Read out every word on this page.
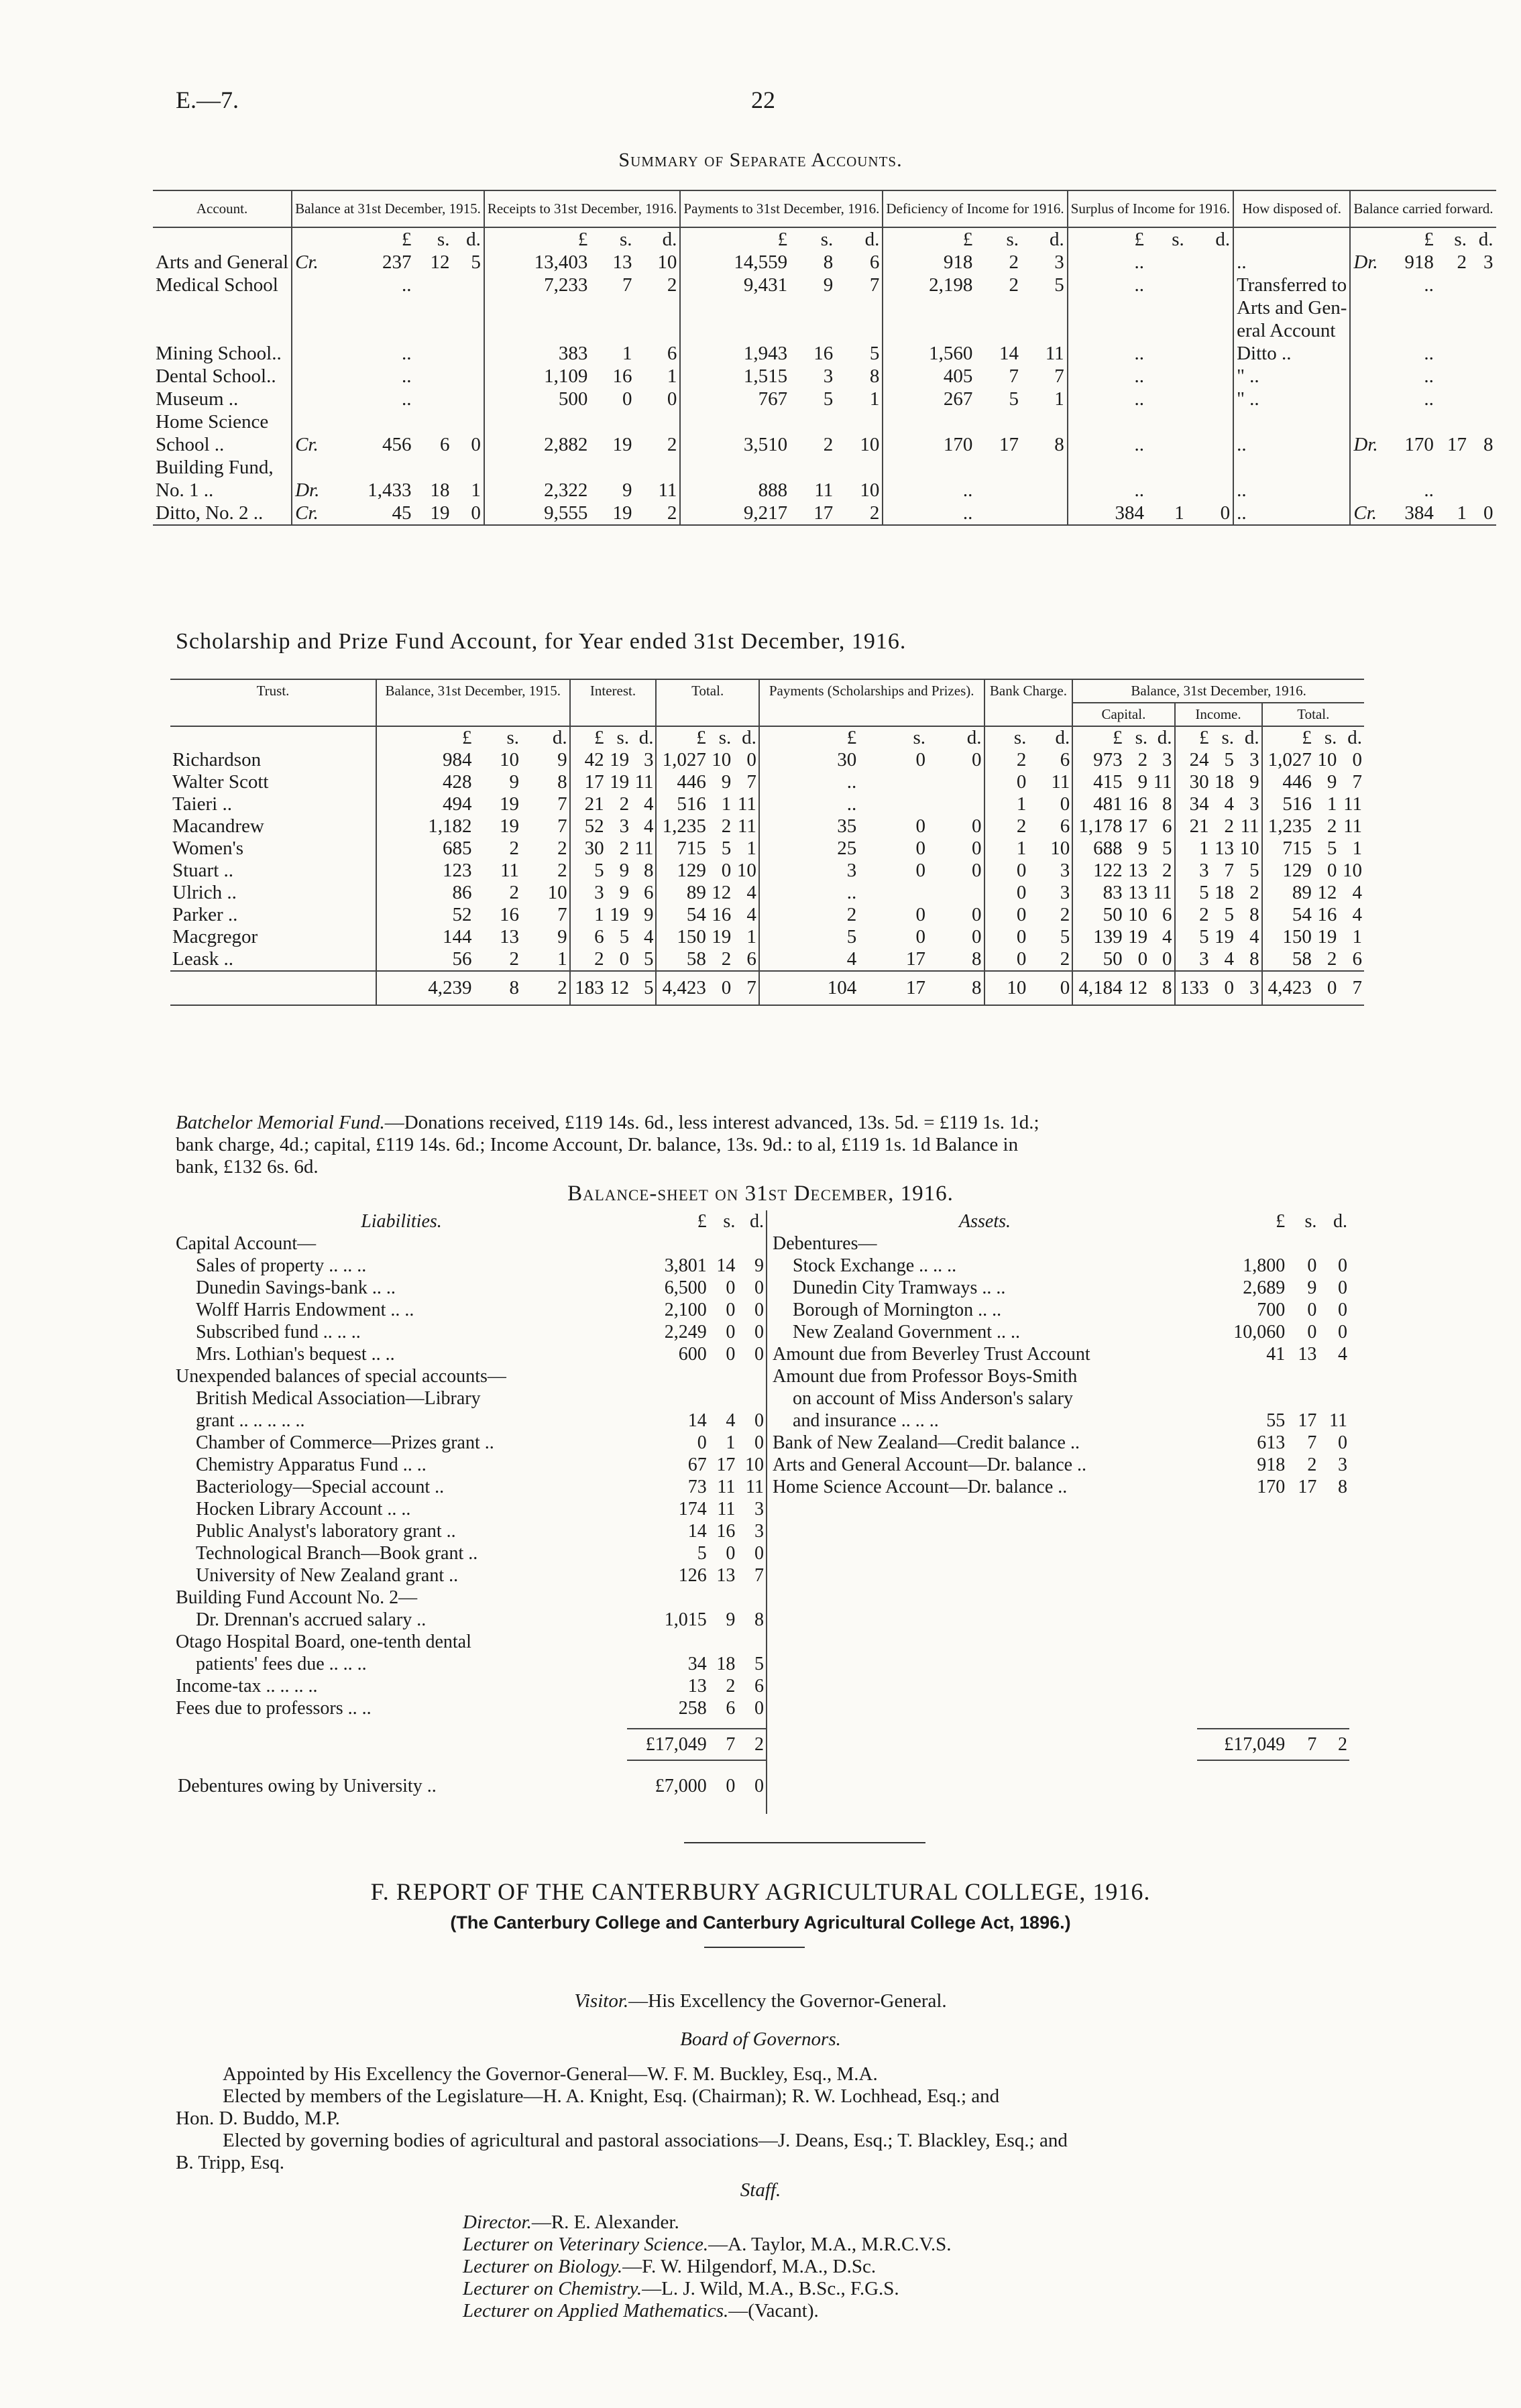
E.—7.	22
Summary of Separate Accounts.
Account.	Balance at 31st December, 1915.				Receipts to 31st December, 1916.			Payments to 31st December, 1916.			Deficiency of Income for 1916.			Surplus of Income for 1916.			How disposed of.	Balance carried forward.			
		£	s.	d.	£	s.	d.	£	s.	d.	£	s.	d.	£	s.	d.			£	s.	d.
Arts and General	Cr.	237	12	5	13,403	13	10	14,559	8	6	918	2	3	..			..	Dr.	918	2	3
Medical School		..			7,233	7	2	9,431	9	7	2,198	2	5	..			Transferred to		..		
																	Arts and Gen-				
																	eral Account				
Mining School..		..			383	1	6	1,943	16	5	1,560	14	11	..			Ditto ..		..		
Dental School..		..			1,109	16	1	1,515	3	8	405	7	7	..			" ..		..		
Museum ..		..			500	0	0	767	5	1	267	5	1	..			" ..		..		
Home Science																					
School ..	Cr.	456	6	0	2,882	19	2	3,510	2	10	170	17	8	..			..	Dr.	170	17	8
Building Fund,																					
No. 1 ..	Dr.	1,433	18	1	2,322	9	11	888	11	10	..			..			..		..		
Ditto, No. 2 ..	Cr.	45	19	0	9,555	19	2	9,217	17	2	..			384	1	0	..	Cr.	384	1	0
Scholarship and Prize Fund Account, for Year ended 31st December, 1916.
Trust.	Balance, 31st December, 1915.			Interest.			Total.			Payments (Scholarships and Prizes).			Bank Charge.		Balance, 31st December, 1916.								
															Capital.			Income.			Total.		
	£	s.	d.	£	s.	d.	£	s.	d.	£	s.	d.	s.	d.	£	s.	d.	£	s.	d.	£	s.	d.
Richardson	984	10	9	42	19	3	1,027	10	0	30	0	0	2	6	973	2	3	24	5	3	1,027	10	0
Walter Scott	428	9	8	17	19	11	446	9	7	..			0	11	415	9	11	30	18	9	446	9	7
Taieri ..	494	19	7	21	2	4	516	1	11	..			1	0	481	16	8	34	4	3	516	1	11
Macandrew	1,182	19	7	52	3	4	1,235	2	11	35	0	0	2	6	1,178	17	6	21	2	11	1,235	2	11
Women's	685	2	2	30	2	11	715	5	1	25	0	0	1	10	688	9	5	1	13	10	715	5	1
Stuart ..	123	11	2	5	9	8	129	0	10	3	0	0	0	3	122	13	2	3	7	5	129	0	10
Ulrich ..	86	2	10	3	9	6	89	12	4	..			0	3	83	13	11	5	18	2	89	12	4
Parker ..	52	16	7	1	19	9	54	16	4	2	0	0	0	2	50	10	6	2	5	8	54	16	4
Macgregor	144	13	9	6	5	4	150	19	1	5	0	0	0	5	139	19	4	5	19	4	150	19	1
Leask ..	56	2	1	2	0	5	58	2	6	4	17	8	0	2	50	0	0	3	4	8	58	2	6
	4,239	8	2	183	12	5	4,423	0	7	104	17	8	10	0	4,184	12	8	133	0	3	4,423	0	7
Batchelor Memorial Fund.—Donations received, £119 14s. 6d., less interest advanced, 13s. 5d. = £119 1s. 1d.;
bank charge, 4d.; capital, £119 14s. 6d.; Income Account, Dr. balance, 13s. 9d.: to al, £119 1s. 1d Balance in
bank, £132 6s. 6d.
Balance-sheet on 31st December, 1916.
Liabilities.	£	s.	d.
Capital Account—			
Sales of property .. .. ..	3,801	14	9
Dunedin Savings-bank .. ..	6,500	0	0
Wolff Harris Endowment .. ..	2,100	0	0
Subscribed fund .. .. ..	2,249	0	0
Mrs. Lothian's bequest .. ..	600	0	0
Unexpended balances of special accounts—			
British Medical Association—Library			
grant .. .. .. .. ..	14	4	0
Chamber of Commerce—Prizes grant ..	0	1	0
Chemistry Apparatus Fund .. ..	67	17	10
Bacteriology—Special account ..	73	11	11
Hocken Library Account .. ..	174	11	3
Public Analyst's laboratory grant ..	14	16	3
Technological Branch—Book grant ..	5	0	0
University of New Zealand grant ..	126	13	7
Building Fund Account No. 2—			
Dr. Drennan's accrued salary ..	1,015	9	8
Otago Hospital Board, one-tenth dental			
patients' fees due .. .. ..	34	18	5
Income-tax .. .. .. ..	13	2	6
Fees due to professors .. ..	258	6	0

	£17,049	7	2

Debentures owing by University ..	£7,000	0	0
Assets.	£	s.	d.
Debentures—			
Stock Exchange .. .. ..	1,800	0	0
Dunedin City Tramways .. ..	2,689	9	0
Borough of Mornington .. ..	700	0	0
New Zealand Government .. ..	10,060	0	0
Amount due from Beverley Trust Account	41	13	4
Amount due from Professor Boys-Smith			
on account of Miss Anderson's salary			
and insurance .. .. ..	55	17	11
Bank of New Zealand—Credit balance ..	613	7	0
Arts and General Account—Dr. balance ..	918	2	3
Home Science Account—Dr. balance ..	170	17	8

	£17,049	7	2
F. REPORT OF THE CANTERBURY AGRICULTURAL COLLEGE, 1916.
(The Canterbury College and Canterbury Agricultural College Act, 1896.)
Visitor.—His Excellency the Governor-General.
Board of Governors.
Appointed by His Excellency the Governor-General—W. F. M. Buckley, Esq., M.A.
Elected by members of the Legislature—H. A. Knight, Esq. (Chairman); R. W. Lochhead, Esq.; and
Hon. D. Buddo, M.P.
Elected by governing bodies of agricultural and pastoral associations—J. Deans, Esq.; T. Blackley, Esq.; and
B. Tripp, Esq.
Staff.
Director.—R. E. Alexander.
Lecturer on Veterinary Science.—A. Taylor, M.A., M.R.C.V.S.
Lecturer on Biology.—F. W. Hilgendorf, M.A., D.Sc.
Lecturer on Chemistry.—L. J. Wild, M.A., B.Sc., F.G.S.
Lecturer on Applied Mathematics.—(Vacant).
